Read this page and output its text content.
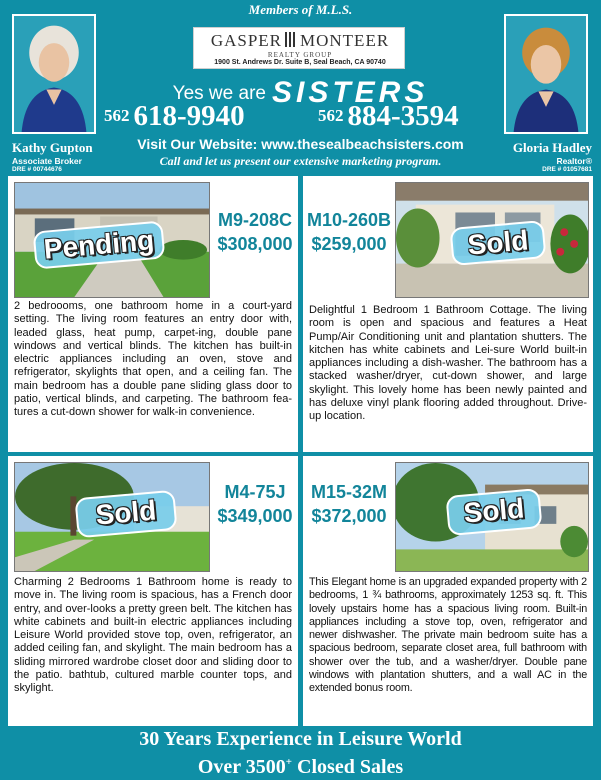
Members of M.L.S.
GASPER MONTEER
REALTY GROUP
1900 St. Andrews Dr. Suite B, Seal Beach, CA 90740
Yes we are SISTERS
562 618-9940	562 884-3594
Visit Our Website: www.thesealbeachsisters.com
Call and let us present our extensive marketing program.
Kathy Gupton
Associate Broker
DRE # 00744676
Gloria Hadley
Realtor®
DRE # 01057681
Pending
M9-208C
$308,000
2 bedroooms, one bathroom home in a court-yard setting. The living room features an entry door with, leaded glass, heat pump, carpet-ing, double pane windows and vertical blinds. The kitchen has built-in electric appliances including an oven, stove and refrigerator, skylights that open, and a ceiling fan. The main bedroom has a double pane sliding glass door to patio, vertical blinds, and carpeting. The bathroom fea-tures a cut-down shower for walk-in convenience.
Sold
M10-260B
$259,000
Delightful 1 Bedroom 1 Bathroom Cottage. The living room is open and spacious and features a Heat Pump/Air Conditioning unit and plantation shutters. The kitchen has white cabinets and Lei-sure World built-in appliances including a dish-washer. The bathroom has a stacked washer/dryer, cut-down shower, and large skylight. This lovely home has been newly painted and has deluxe vinyl plank flooring added throughout. Drive-up location.
Sold
M4-75J
$349,000
Charming 2 Bedrooms 1 Bathroom home is ready to move in. The living room is spacious, has a French door entry, and over-looks a pretty green belt. The kitchen has white cabinets and built-in electric appliances including Leisure World provided stove top, oven, refrigerator, an added ceiling fan, and skylight. The main bedroom has a sliding mirrored wardrobe closet door and sliding door to the patio. bathtub, cultured marble counter tops, and skylight.
Sold
M15-32M
$372,000
This Elegant home is an upgraded expanded property with 2 bedrooms, 1 ¾ bathrooms, approximately 1253 sq. ft. This lovely upstairs home has a spacious living room. Built-in appliances including a stove top, oven, refrigerator and newer dishwasher. The private main bedroom suite has a spacious bedroom, separate closet area, full bathroom with shower over the tub, and a washer/dryer. Double pane windows with plantation shutters, and a wall AC in the extended bonus room.
30 Years Experience in Leisure World
Over 3500+ Closed Sales
